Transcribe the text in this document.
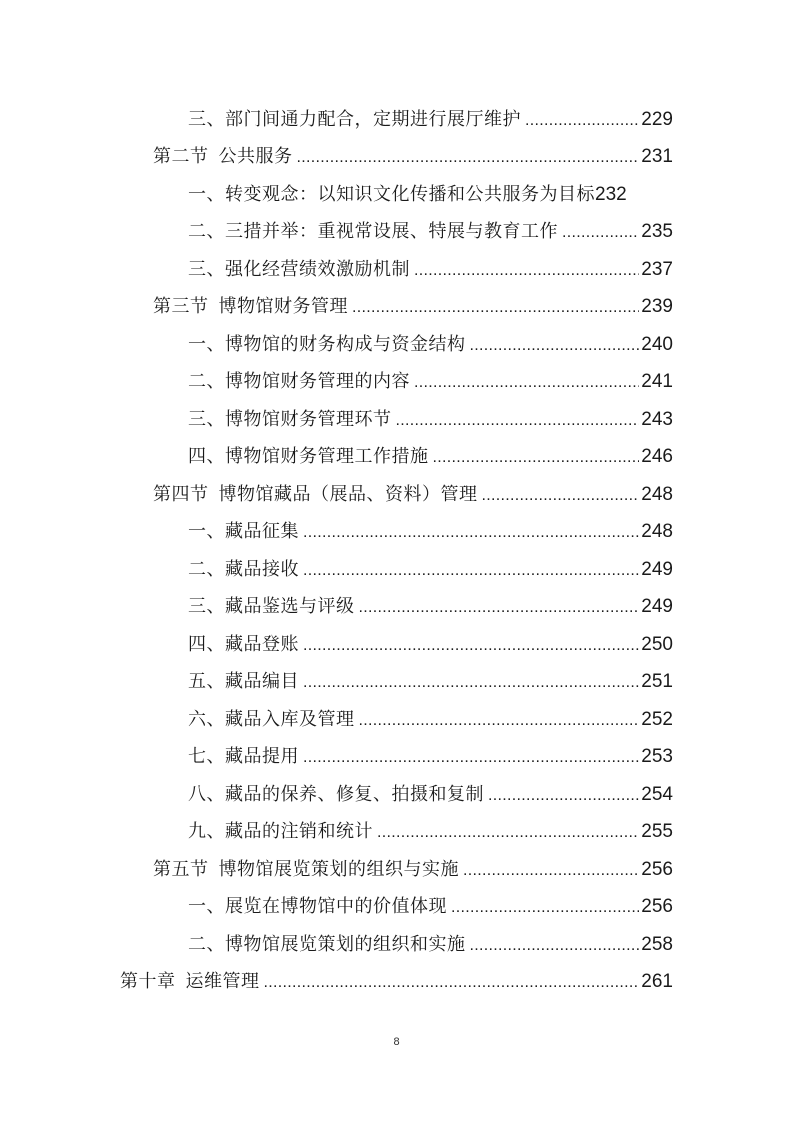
三、部门间通力配合，定期进行展厅维护 .....	229
第二节 公共服务 .....	231
一、转变观念：以知识文化传播和公共服务为目标 232
二、三措并举：重视常设展、特展与教育工作 .....	235
三、强化经营绩效激励机制 .....	237
第三节 博物馆财务管理 .....	239
一、博物馆的财务构成与资金结构 .....	240
二、博物馆财务管理的内容 .....	241
三、博物馆财务管理环节 .....	243
四、博物馆财务管理工作措施 .....	246
第四节 博物馆藏品（展品、资料）管理 .....	248
一、藏品征集 .....	248
二、藏品接收 .....	249
三、藏品鉴选与评级 .....	249
四、藏品登账 .....	250
五、藏品编目 .....	251
六、藏品入库及管理 .....	252
七、藏品提用 .....	253
八、藏品的保养、修复、拍摄和复制 .....	254
九、藏品的注销和统计 .....	255
第五节 博物馆展览策划的组织与实施 .....	256
一、展览在博物馆中的价值体现 .....	256
二、博物馆展览策划的组织和实施 .....	258
第十章 运维管理 .....	261
8
